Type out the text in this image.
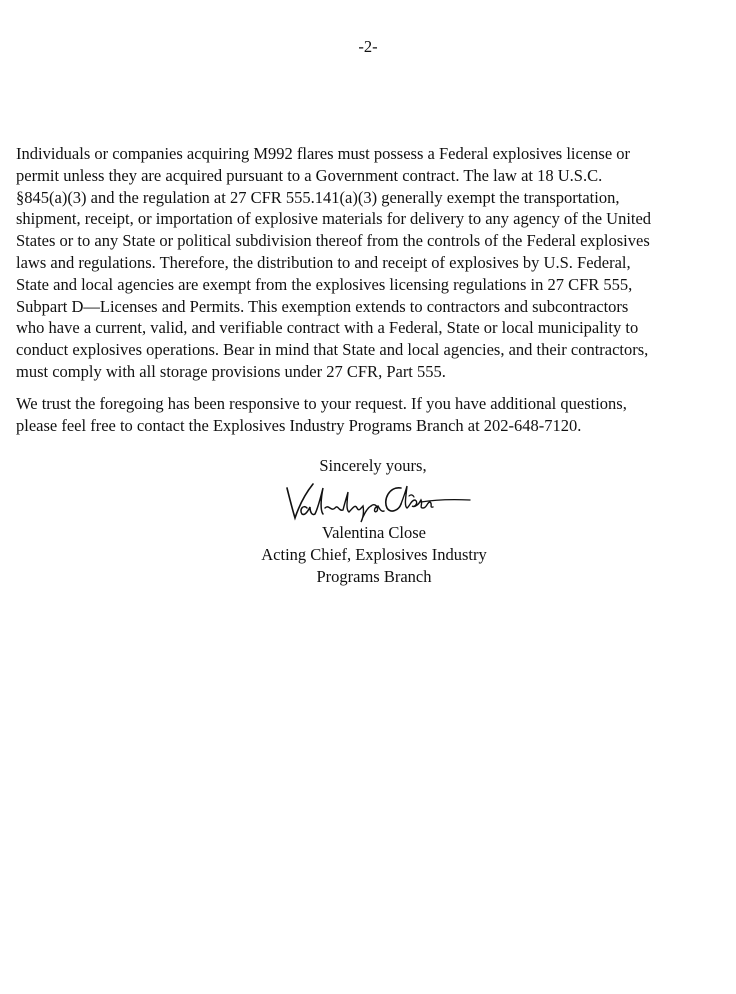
-2-

Individuals or companies acquiring M992 flares must possess a Federal explosives license or
permit unless they are acquired pursuant to a Government contract. The law at 18 U.S.C.
§845(a)(3) and the regulation at 27 CFR 555.141(a)(3) generally exempt the transportation,
shipment, receipt, or importation of explosive materials for delivery to any agency of the United
States or to any State or political subdivision thereof from the controls of the Federal explosives
laws and regulations. Therefore, the distribution to and receipt of explosives by U.S. Federal,
State and local agencies are exempt from the explosives licensing regulations in 27 CFR 555,
Subpart D—Licenses and Permits. This exemption extends to contractors and subcontractors
who have a current, valid, and verifiable contract with a Federal, State or local municipality to
conduct explosives operations. Bear in mind that State and local agencies, and their contractors,
must comply with all storage provisions under 27 CFR, Part 555.

We trust the foregoing has been responsive to your request. If you have additional questions,
please feel free to contact the Explosives Industry Programs Branch at 202-648-7120.

Sincerely yours,
Valentina Close
Acting Chief, Explosives Industry
Programs Branch
